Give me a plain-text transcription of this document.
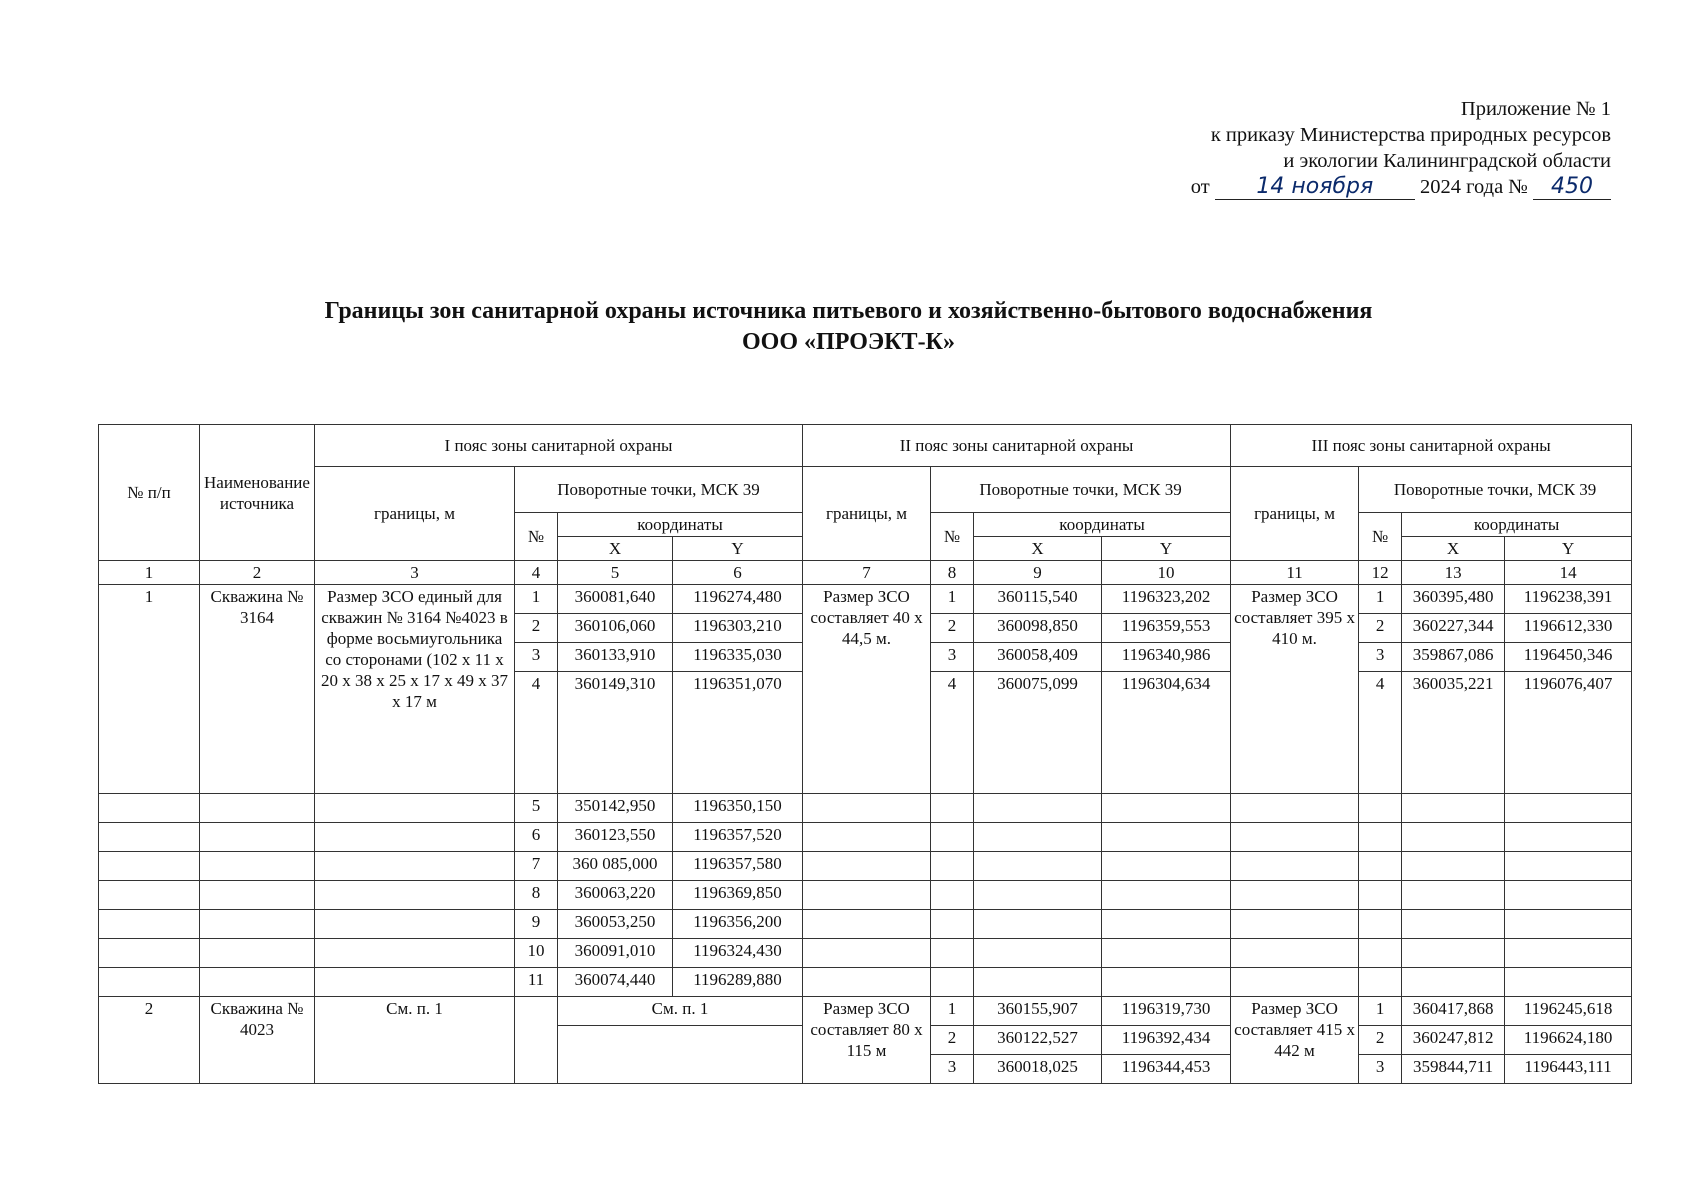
Приложение № 1
к приказу Министерства природных ресурсов
и экологии Калининградской области
от 14 ноября 2024 года № 450
Границы зон санитарной охраны источника питьевого и хозяйственно-бытового водоснабжения
ООО «ПРОЭКТ-К»
№ п/п	Наименование источника	I пояс зоны санитарной охраны				II пояс зоны санитарной охраны				III пояс зоны санитарной охраны			
		границы, м	Поворотные точки, МСК 39			границы, м	Поворотные точки, МСК 39			границы, м	Поворотные точки, МСК 39		
			№	координаты			№	координаты			№	координаты	
				X	Y			X	Y			X	Y
1	2	3	4	5	6	7	8	9	10	11	12	13	14
1	Скважина № 3164	Размер ЗСО единый для скважин № 3164 №4023 в форме восьмиугольника со сторонами (102 х 11 х 20 х 38 х 25 х 17 х 49 х 37 х 17 м	1	360081,640	1196274,480	Размер ЗСО составляет 40 х 44,5 м.	1	360115,540	1196323,202	Размер ЗСО составляет 395 х 410 м.	1	360395,480	1196238,391
			2	360106,060	1196303,210		2	360098,850	1196359,553		2	360227,344	1196612,330
			3	360133,910	1196335,030		3	360058,409	1196340,986		3	359867,086	1196450,346
			4	360149,310	1196351,070		4	360075,099	1196304,634		4	360035,221	1196076,407
			5	350142,950	1196350,150								
			6	360123,550	1196357,520								
			7	360 085,000	1196357,580								
			8	360063,220	1196369,850								
			9	360053,250	1196356,200								
			10	360091,010	1196324,430								
			11	360074,440	1196289,880								
2	Скважина № 4023	См. п. 1		См. п. 1		Размер ЗСО составляет 80 х 115 м	1	360155,907	1196319,730	Размер ЗСО составляет 415 х 442 м	1	360417,868	1196245,618
							2	360122,527	1196392,434		2	360247,812	1196624,180
							3	360018,025	1196344,453		3	359844,711	1196443,111
